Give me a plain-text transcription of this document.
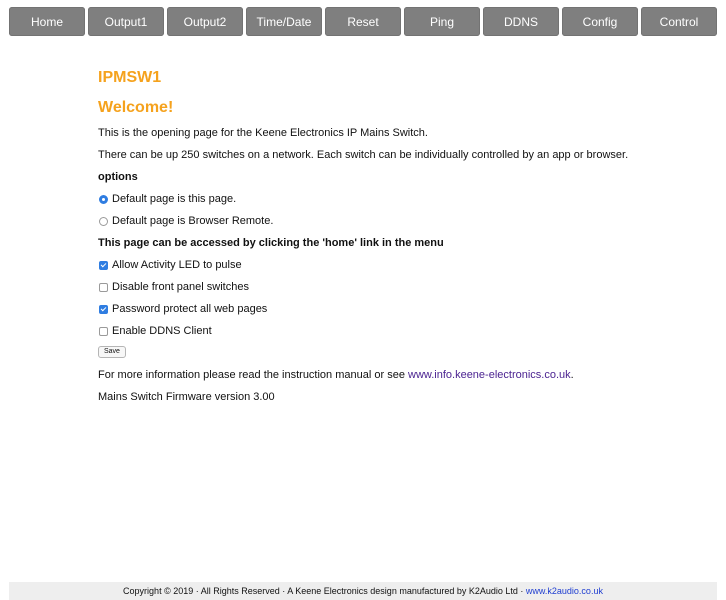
Home	Output1	Output2	Time/Date	Reset	Ping	DDNS	Config	Control
IPMSW1
Welcome!

This is the opening page for the Keene Electronics IP Mains Switch.

There can be up 250 switches on a network. Each switch can be individually controlled by an app or browser.

options

Default page is this page.
Default page is Browser Remote.

This page can be accessed by clicking the 'home' link in the menu

Allow Activity LED to pulse
Disable front panel switches
Password protect all web pages
Enable DDNS Client
Save

For more information please read the instruction manual or see www.info.keene-electronics.co.uk.

Mains Switch Firmware version 3.00

Copyright © 2019 · All Rights Reserved · A Keene Electronics design manufactured by K2Audio Ltd · www.k2audio.co.uk
